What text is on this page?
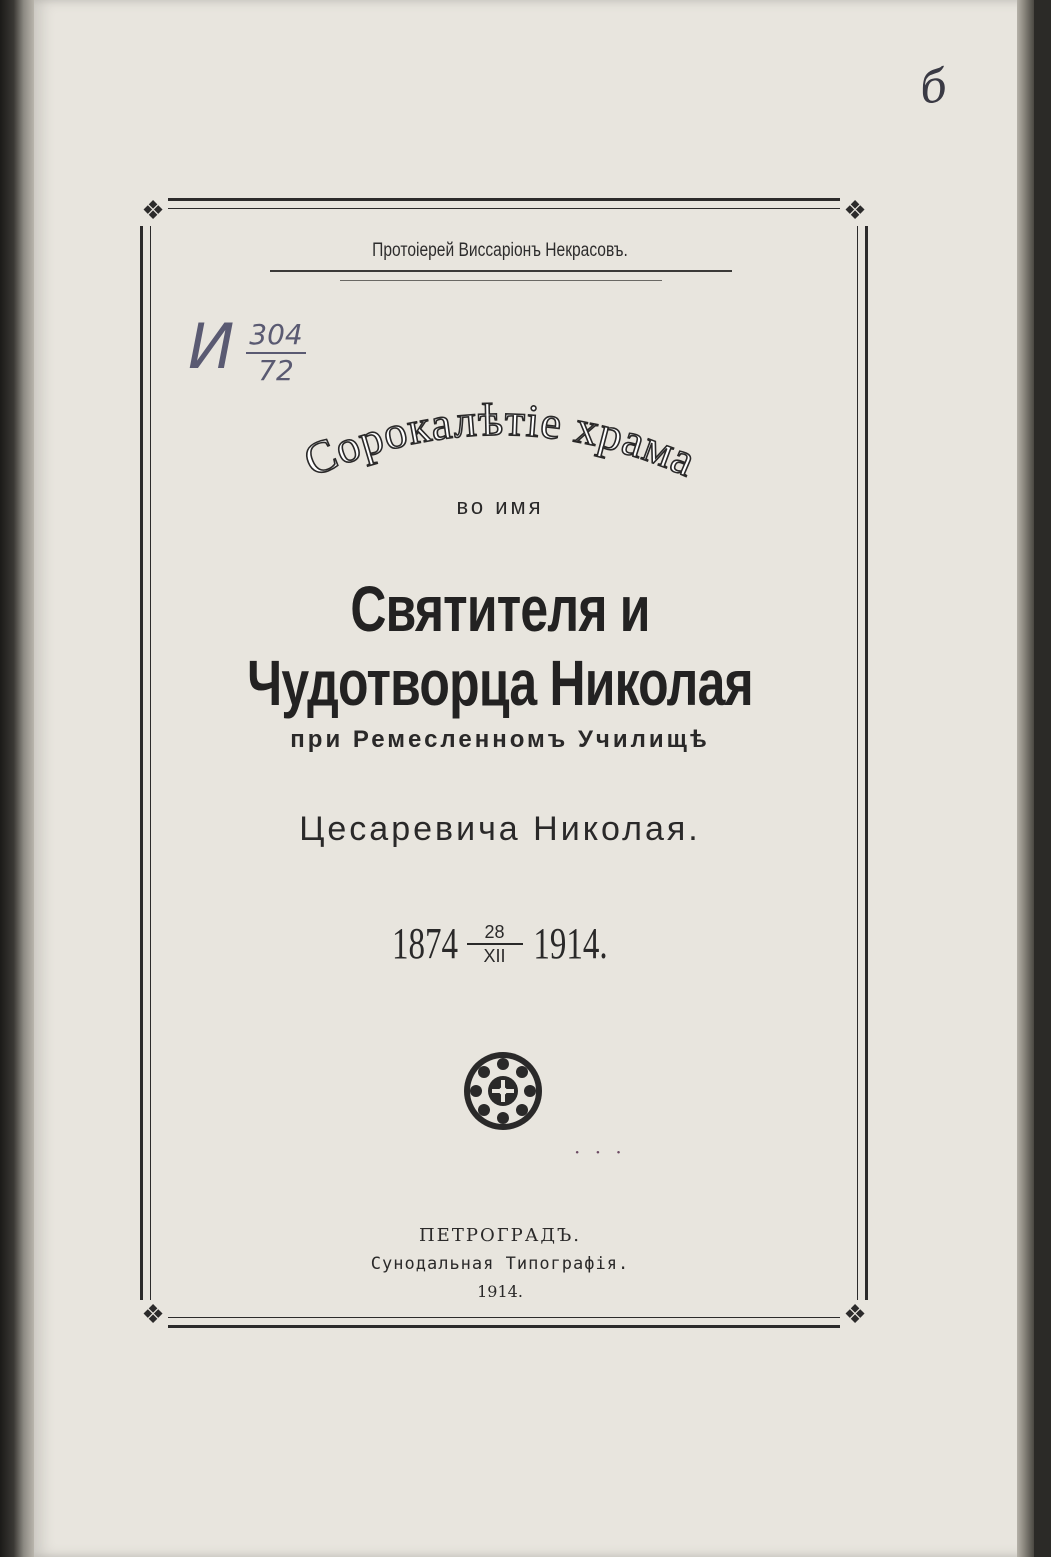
б
❖	❖
❖	❖
Протоіерей Виссаріонъ Некрасовъ.
И 304
72
Сорокалѣтіе храма
во имя
Святителя и Чудотворца Николая
при Ремесленномъ Училищѣ
Цесаревича Николая.
$1874 \frac{28}{\text{XII}} 1914$.
· · ·
ПЕТРОГРАДЪ.
Сунодальная Типографія.
1914.
